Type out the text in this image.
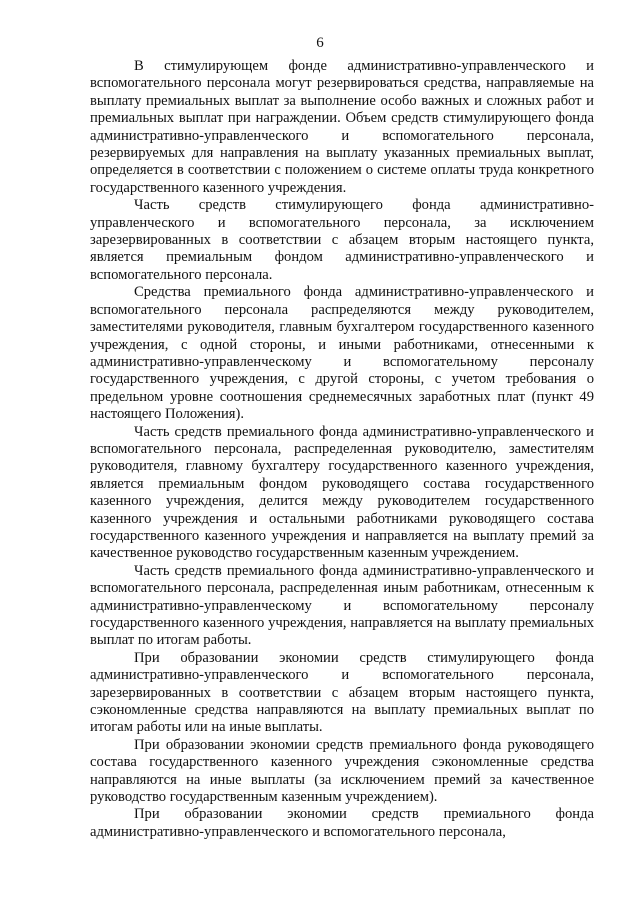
6

В стимулирующем фонде административно-управленческого и вспомогательного персонала могут резервироваться средства, направляемые на выплату премиальных выплат за выполнение особо важных и сложных работ и премиальных выплат при награждении. Объем средств стимулирующего фонда административно-управленческого и вспомогательного персонала, резервируемых для направления на выплату указанных премиальных выплат, определяется в соответствии с положением о системе оплаты труда конкретного государственного казенного учреждения.

Часть средств стимулирующего фонда административно-управленческого и вспомогательного персонала, за исключением зарезервированных в соответствии с абзацем вторым настоящего пункта, является премиальным фондом административно-управленческого и вспомогательного персонала.

Средства премиального фонда административно-управленческого и вспомогательного персонала распределяются между руководителем, заместителями руководителя, главным бухгалтером государственного казенного учреждения, с одной стороны, и иными работниками, отнесенными к административно-управленческому и вспомогательному персоналу государственного учреждения, с другой стороны, с учетом требования о предельном уровне соотношения среднемесячных заработных плат (пункт 49 настоящего Положения).

Часть средств премиального фонда административно-управленческого и вспомогательного персонала, распределенная руководителю, заместителям руководителя, главному бухгалтеру государственного казенного учреждения, является премиальным фондом руководящего состава государственного казенного учреждения, делится между руководителем государственного казенного учреждения и остальными работниками руководящего состава государственного казенного учреждения и направляется на выплату премий за качественное руководство государственным казенным учреждением.

Часть средств премиального фонда административно-управленческого и вспомогательного персонала, распределенная иным работникам, отнесенным к административно-управленческому и вспомогательному персоналу государственного казенного учреждения, направляется на выплату премиальных выплат по итогам работы.

При образовании экономии средств стимулирующего фонда административно-управленческого и вспомогательного персонала, зарезервированных в соответствии с абзацем вторым настоящего пункта, сэкономленные средства направляются на выплату премиальных выплат по итогам работы или на иные выплаты.

При образовании экономии средств премиального фонда руководящего состава государственного казенного учреждения сэкономленные средства направляются на иные выплаты (за исключением премий за качественное руководство государственным казенным учреждением).

При образовании экономии средств премиального фонда административно-управленческого и вспомогательного персонала,
